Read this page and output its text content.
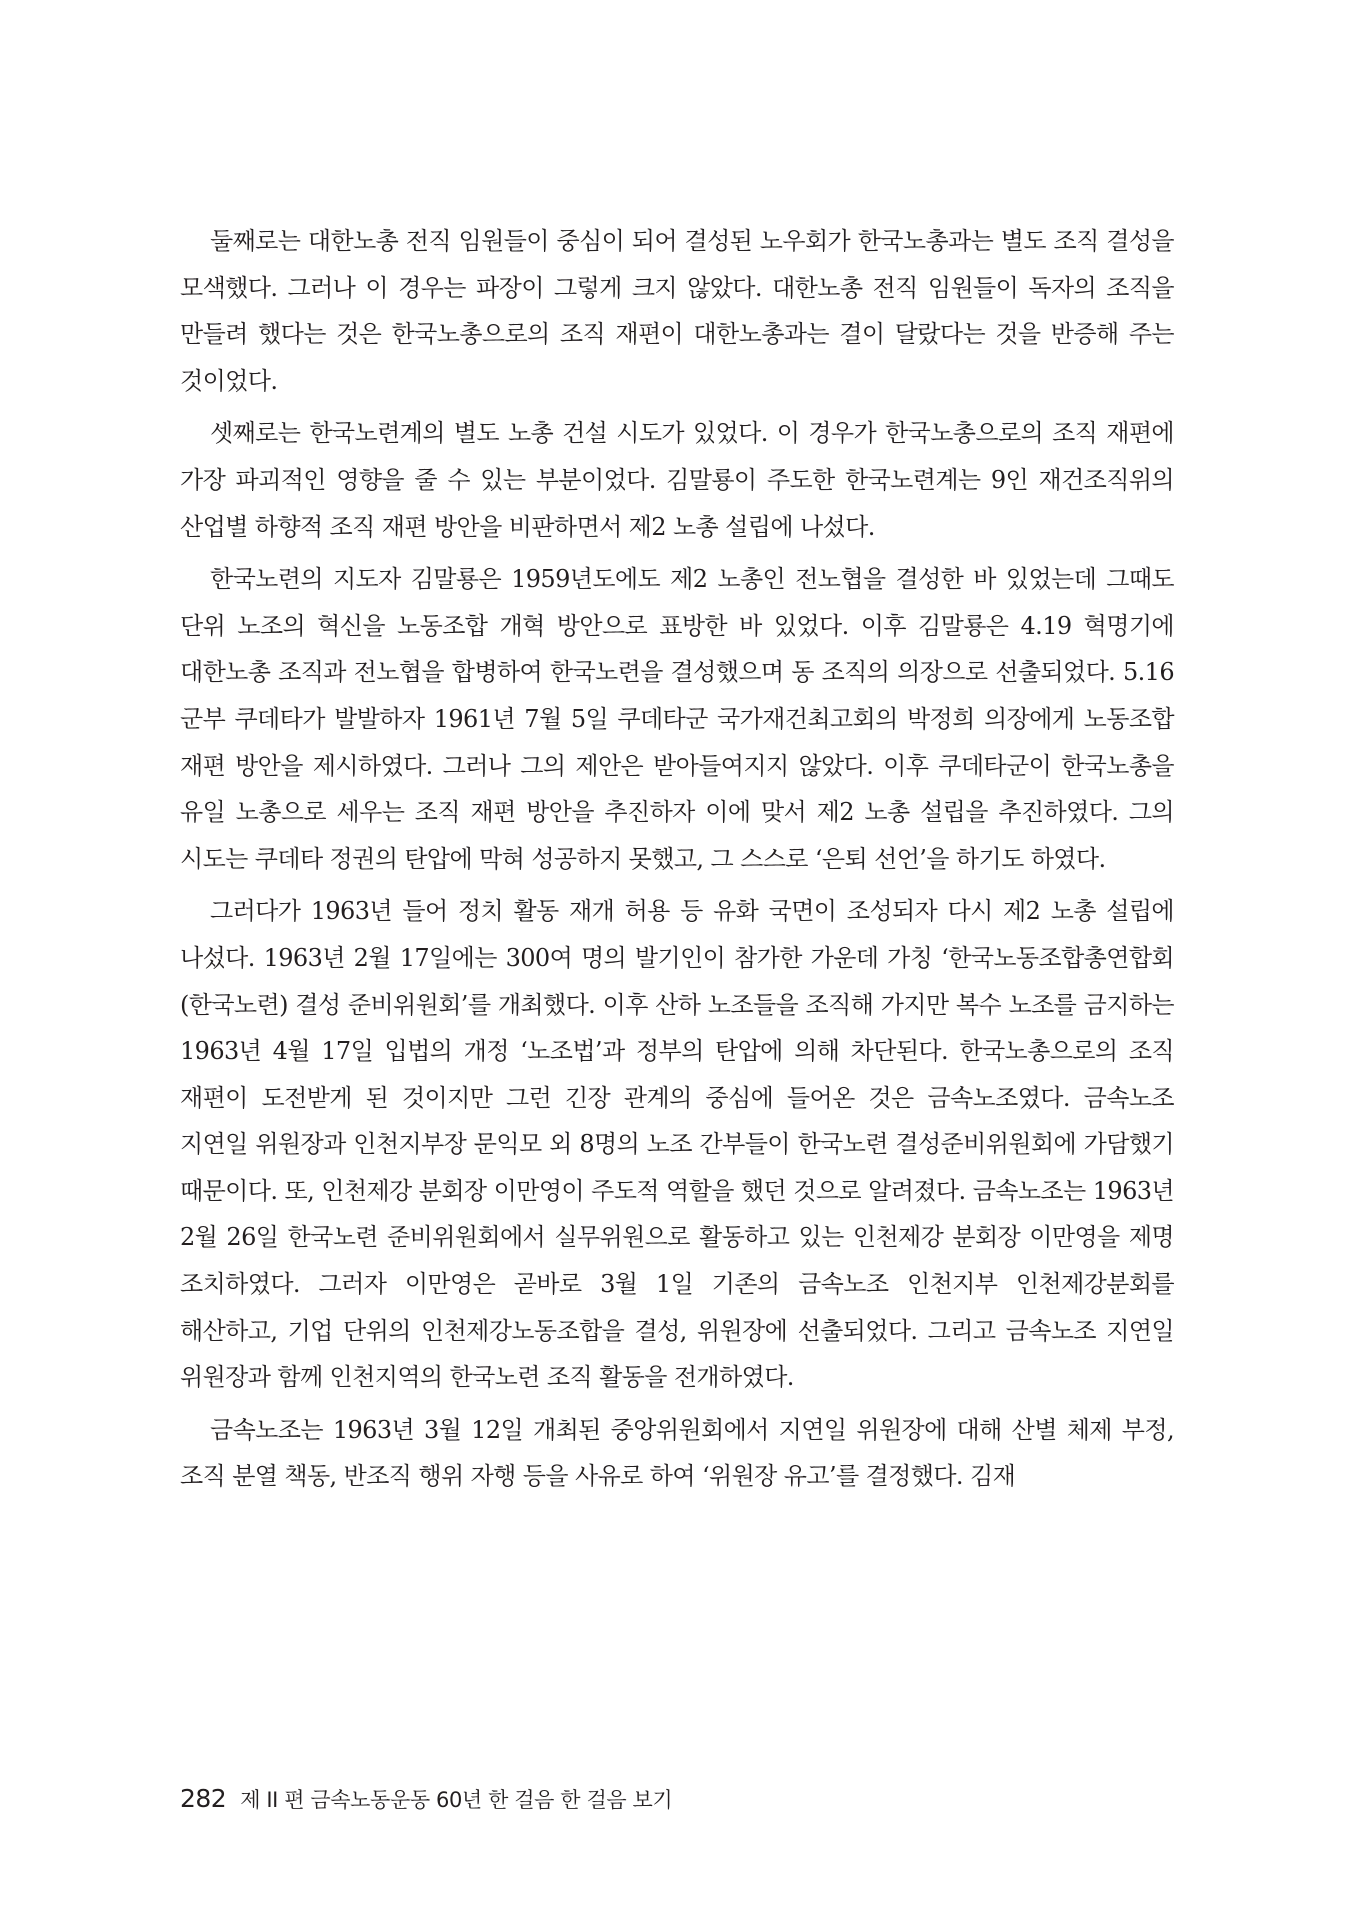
둘째로는 대한노총 전직 임원들이 중심이 되어 결성된 노우회가 한국노총과는 별도 조직 결성을 모색했다. 그러나 이 경우는 파장이 그렇게 크지 않았다. 대한노총 전직 임원들이 독자의 조직을 만들려 했다는 것은 한국노총으로의 조직 재편이 대한노총과는 결이 달랐다는 것을 반증해 주는 것이었다.

셋째로는 한국노련계의 별도 노총 건설 시도가 있었다. 이 경우가 한국노총으로의 조직 재편에 가장 파괴적인 영향을 줄 수 있는 부분이었다. 김말룡이 주도한 한국노련계는 9인 재건조직위의 산업별 하향적 조직 재편 방안을 비판하면서 제2 노총 설립에 나섰다.

한국노련의 지도자 김말룡은 1959년도에도 제2 노총인 전노협을 결성한 바 있었는데 그때도 단위 노조의 혁신을 노동조합 개혁 방안으로 표방한 바 있었다. 이후 김말룡은 4.19 혁명기에 대한노총 조직과 전노협을 합병하여 한국노련을 결성했으며 동 조직의 의장으로 선출되었다. 5.16 군부 쿠데타가 발발하자 1961년 7월 5일 쿠데타군 국가재건최고회의 박정희 의장에게 노동조합 재편 방안을 제시하였다. 그러나 그의 제안은 받아들여지지 않았다. 이후 쿠데타군이 한국노총을 유일 노총으로 세우는 조직 재편 방안을 추진하자 이에 맞서 제2 노총 설립을 추진하였다. 그의 시도는 쿠데타 정권의 탄압에 막혀 성공하지 못했고, 그 스스로 ‘은퇴 선언’을 하기도 하였다.

그러다가 1963년 들어 정치 활동 재개 허용 등 유화 국면이 조성되자 다시 제2 노총 설립에 나섰다. 1963년 2월 17일에는 300여 명의 발기인이 참가한 가운데 가칭 ‘한국노동조합총연합회(한국노련) 결성 준비위원회’를 개최했다. 이후 산하 노조들을 조직해 가지만 복수 노조를 금지하는 1963년 4월 17일 입법의 개정 ‘노조법’과 정부의 탄압에 의해 차단된다. 한국노총으로의 조직 재편이 도전받게 된 것이지만 그런 긴장 관계의 중심에 들어온 것은 금속노조였다. 금속노조 지연일 위원장과 인천지부장 문익모 외 8명의 노조 간부들이 한국노련 결성준비위원회에 가담했기 때문이다. 또, 인천제강 분회장 이만영이 주도적 역할을 했던 것으로 알려졌다. 금속노조는 1963년 2월 26일 한국노련 준비위원회에서 실무위원으로 활동하고 있는 인천제강 분회장 이만영을 제명 조치하였다. 그러자 이만영은 곧바로 3월 1일 기존의 금속노조 인천지부 인천제강분회를 해산하고, 기업 단위의 인천제강노동조합을 결성, 위원장에 선출되었다. 그리고 금속노조 지연일 위원장과 함께 인천지역의 한국노련 조직 활동을 전개하였다.

금속노조는 1963년 3월 12일 개최된 중앙위원회에서 지연일 위원장에 대해 산별 체제 부정, 조직 분열 책동, 반조직 행위 자행 등을 사유로 하여 ‘위원장 유고’를 결정했다. 김재

282 제 II 편 금속노동운동 60년 한 걸음 한 걸음 보기
